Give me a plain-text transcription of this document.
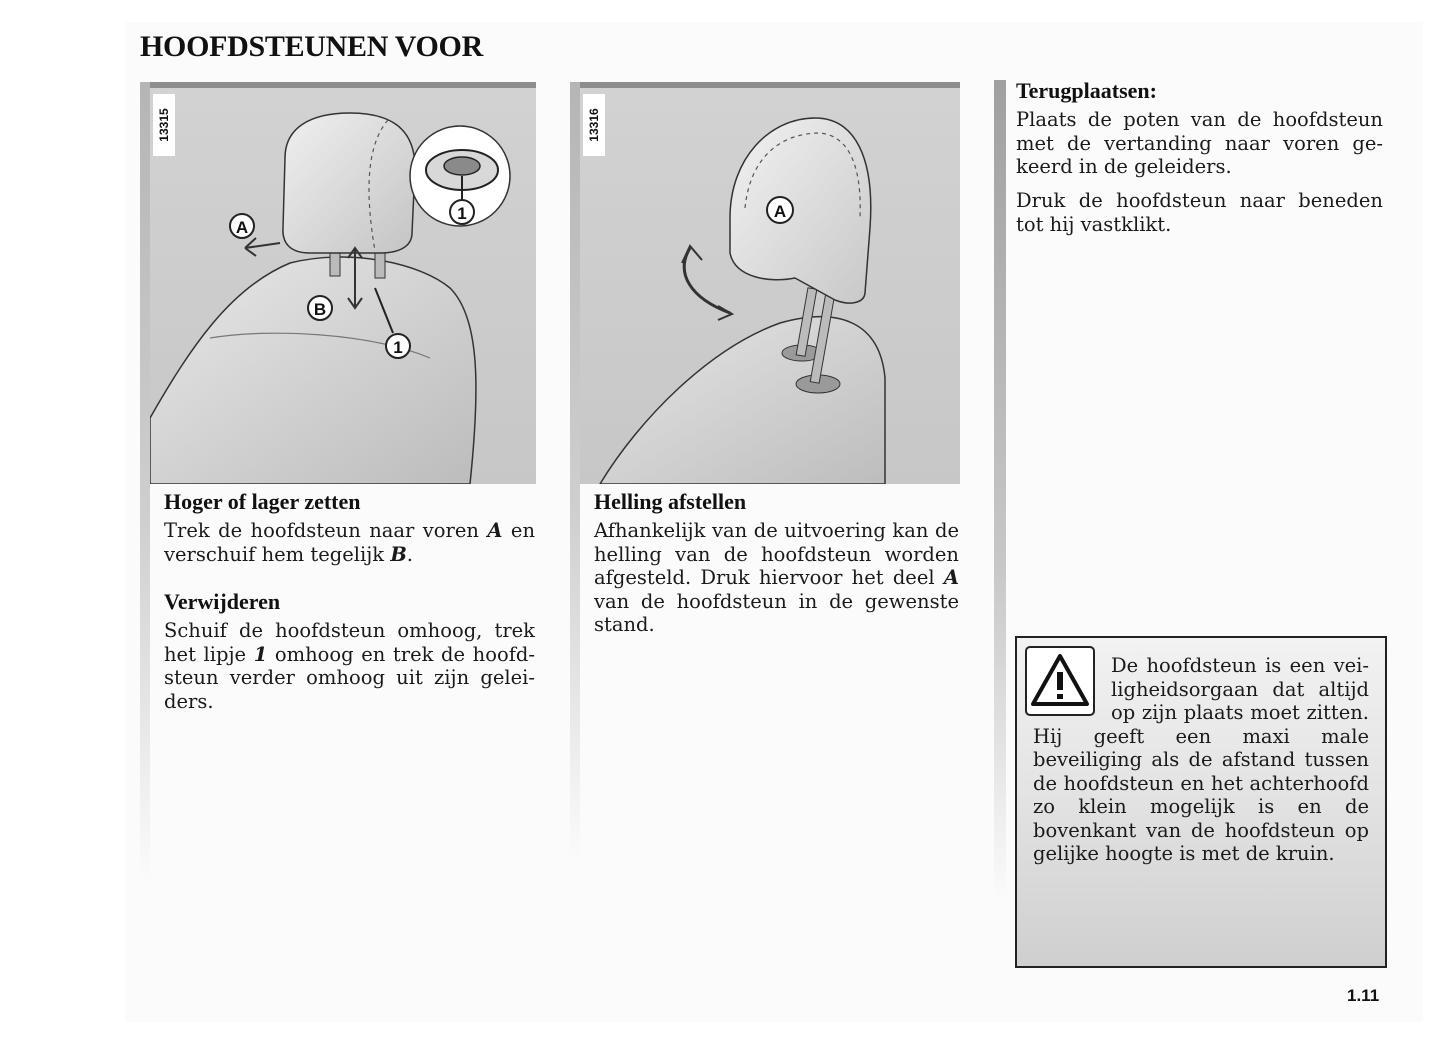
HOOFDSTEUNEN VOOR
A
B
1
1
13315
A
13316
Hoger of lager zetten
Trek de hoofdsteun naar voren A en verschuif hem tegelijk B.
Verwijderen
Schuif de hoofdsteun omhoog, trek het lipje 1 omhoog en trek de hoofdsteun verder omhoog uit zijn geleiders.
Helling afstellen
Afhankelijk van de uitvoering kan de helling van de hoofdsteun worden afgesteld. Druk hiervoor het deel A van de hoofdsteun in de gewenste stand.
Terugplaatsen:
Plaats de poten van de hoofdsteun met de vertanding naar voren gekeerd in de geleiders.
Druk de hoofdsteun naar beneden tot hij vastklikt.
De hoofdsteun is een veiligheidsorgaan dat altijd op zijn plaats moet zitten. Hij geeft een maxi male beveiliging als de afstand tussen de hoofdsteun en het achterhoofd zo klein mogelijk is en de bovenkant van de hoofdsteun op gelijke hoogte is met de kruin.
1.11
